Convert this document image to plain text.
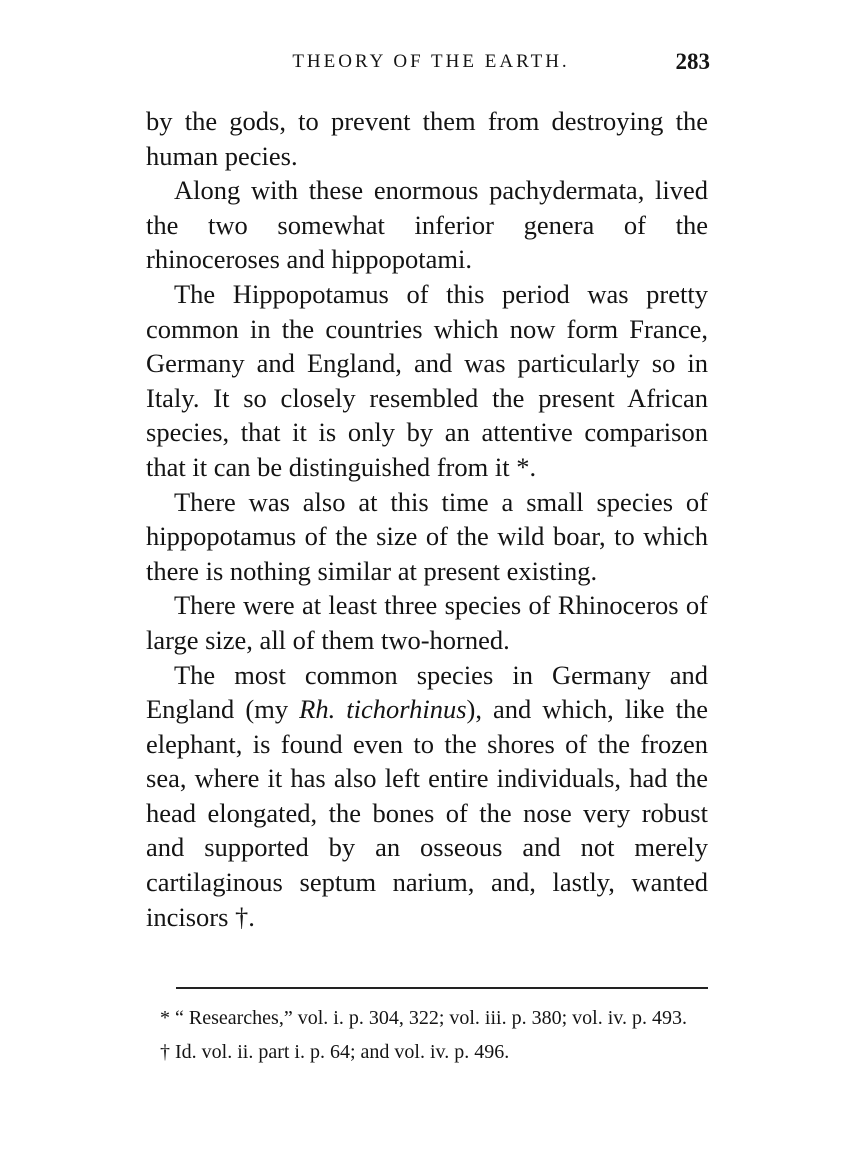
THEORY OF THE EARTH.	283

by the gods, to prevent them from destroying the human pecies.

Along with these enormous pachydermata, lived the two somewhat inferior genera of the rhinoceroses and hippopotami.

The Hippopotamus of this period was pretty common in the countries which now form France, Germany and England, and was particularly so in Italy. It so closely resembled the present African species, that it is only by an attentive comparison that it can be distinguished from it *.

There was also at this time a small species of hippopotamus of the size of the wild boar, to which there is nothing similar at present existing.

There were at least three species of Rhinoceros of large size, all of them two-horned.

The most common species in Germany and England (my Rh. tichorhinus), and which, like the elephant, is found even to the shores of the frozen sea, where it has also left entire individuals, had the head elongated, the bones of the nose very robust and supported by an osseous and not merely cartilaginous septum narium, and, lastly, wanted incisors †.

* “ Researches,” vol. i. p. 304, 322; vol. iii. p. 380; vol. iv. p. 493.

† Id. vol. ii. part i. p. 64; and vol. iv. p. 496.
